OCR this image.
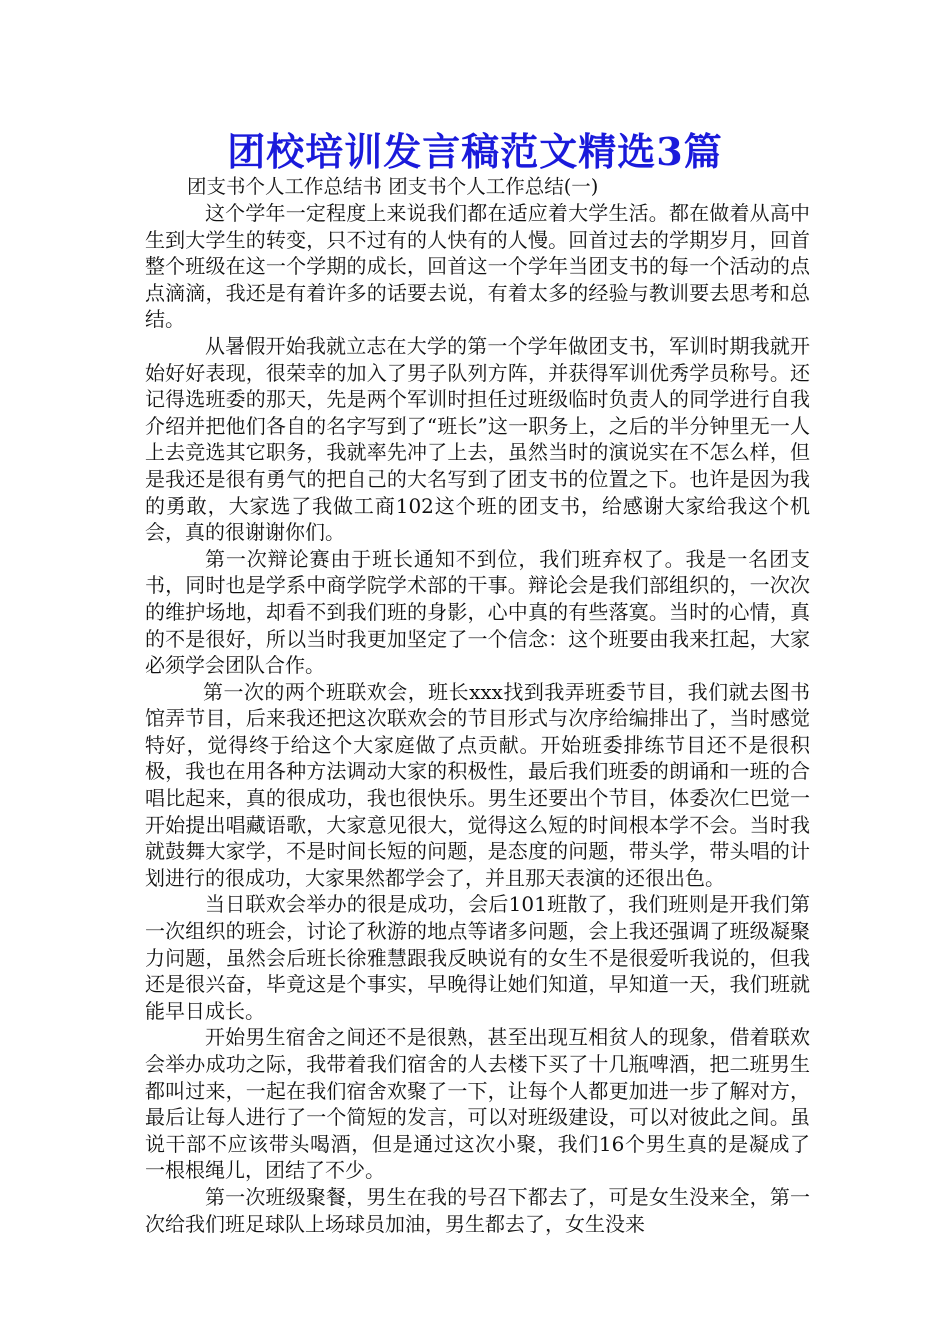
团校培训发言稿范文精选3篇
团支书个人工作总结书 团支书个人工作总结(一)

这个学年一定程度上来说我们都在适应着大学生活。都在做着从高中生到大学生的转变，只不过有的人快有的人慢。回首过去的学期岁月，回首整个班级在这一个学期的成长，回首这一个学年当团支书的每一个活动的点点滴滴，我还是有着许多的话要去说，有着太多的经验与教训要去思考和总结。

从暑假开始我就立志在大学的第一个学年做团支书，军训时期我就开始好好表现，很荣幸的加入了男子队列方阵，并获得军训优秀学员称号。还记得选班委的那天，先是两个军训时担任过班级临时负责人的同学进行自我介绍并把他们各自的名字写到了“班长”这一职务上，之后的半分钟里无一人上去竞选其它职务，我就率先冲了上去，虽然当时的演说实在不怎么样，但是我还是很有勇气的把自己的大名写到了团支书的位置之下。也许是因为我的勇敢，大家选了我做工商102这个班的团支书，给感谢大家给我这个机会，真的很谢谢你们。

第一次辩论赛由于班长通知不到位，我们班弃权了。我是一名团支书，同时也是学系中商学院学术部的干事。辩论会是我们部组织的，一次次的维护场地，却看不到我们班的身影，心中真的有些落寞。当时的心情，真的不是很好，所以当时我更加坚定了一个信念：这个班要由我来扛起，大家必须学会团队合作。

第一次的两个班联欢会，班长xxx找到我弄班委节目，我们就去图书馆弄节目，后来我还把这次联欢会的节目形式与次序给编排出了，当时感觉特好，觉得终于给这个大家庭做了点贡献。开始班委排练节目还不是很积极，我也在用各种方法调动大家的积极性，最后我们班委的朗诵和一班的合唱比起来，真的很成功，我也很快乐。男生还要出个节目，体委次仁巴觉一开始提出唱藏语歌，大家意见很大，觉得这么短的时间根本学不会。当时我就鼓舞大家学，不是时间长短的问题，是态度的问题，带头学，带头唱的计划进行的很成功，大家果然都学会了，并且那天表演的还很出色。

当日联欢会举办的很是成功，会后101班散了，我们班则是开我们第一次组织的班会，讨论了秋游的地点等诸多问题，会上我还强调了班级凝聚力问题，虽然会后班长徐雅慧跟我反映说有的女生不是很爱听我说的，但我还是很兴奋，毕竟这是个事实，早晚得让她们知道，早知道一天，我们班就能早日成长。

开始男生宿舍之间还不是很熟，甚至出现互相贫人的现象，借着联欢会举办成功之际，我带着我们宿舍的人去楼下买了十几瓶啤酒，把二班男生都叫过来，一起在我们宿舍欢聚了一下，让每个人都更加进一步了解对方，最后让每人进行了一个简短的发言，可以对班级建设，可以对彼此之间。虽说干部不应该带头喝酒，但是通过这次小聚，我们16个男生真的是凝成了一根根绳儿，团结了不少。

第一次班级聚餐，男生在我的号召下都去了，可是女生没来全，第一次给我们班足球队上场球员加油，男生都去了，女生没来
